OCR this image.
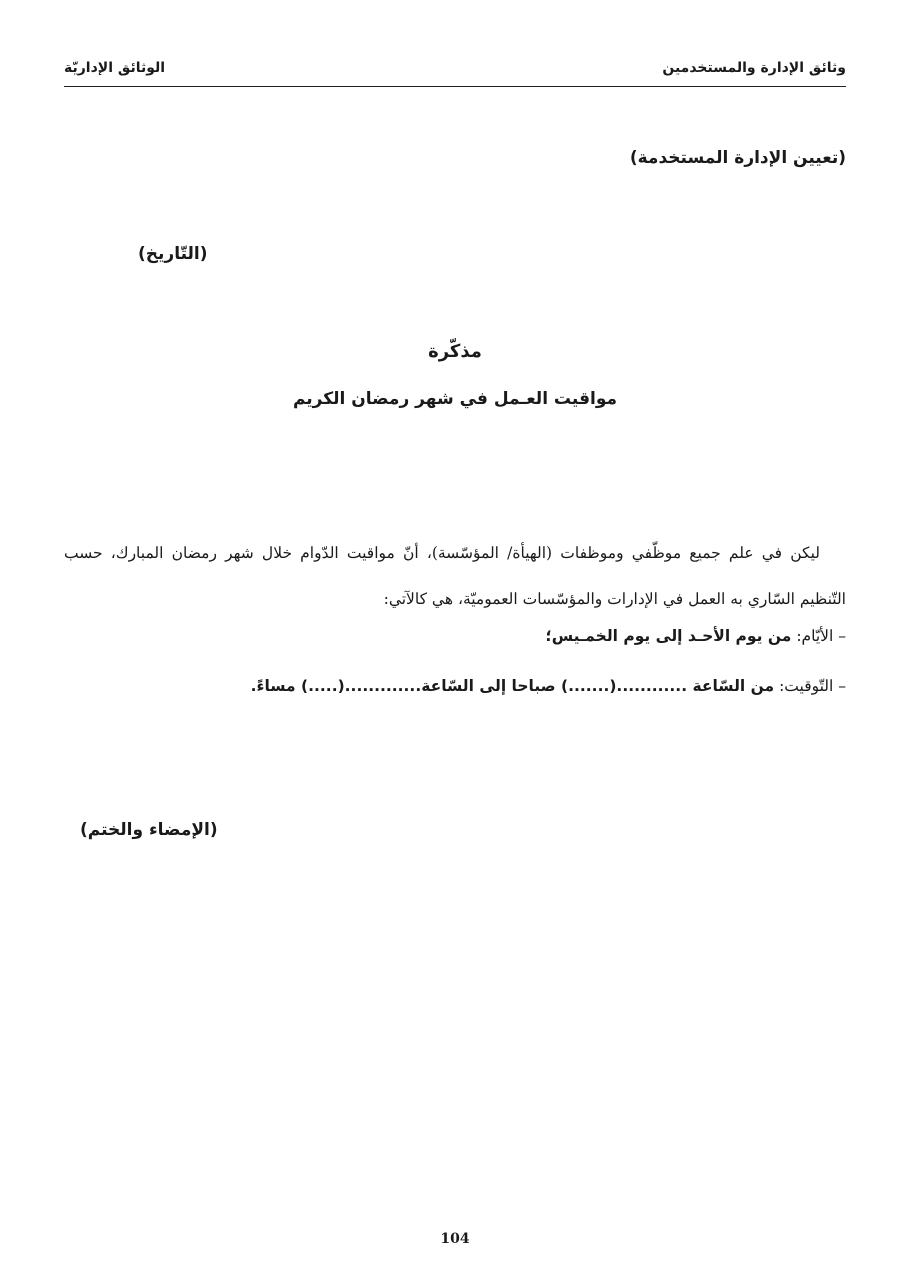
وثائق الإدارة والمستخدمين
الوثائق الإداريّة
(تعيين الإدارة المستخدمة)
(التّاريخ)
مذكّرة
مواقيت العـمل في شهر رمضان الكريم
ليكن في علم جميع موظّفي وموظفات (الهيأة/ المؤسّسة)، أنّ مواقيت الدّوام خلال شهر رمضان المبارك، حسب التّنظيم السّاري به العمل في الإدارات والمؤسّسات العموميّة، هي كالآتي:
– الأيّام: من يوم الأحـد إلى يوم الخمـيس؛
– التّوقيت: من السّاعة ............(.......) صباحا إلى السّاعة.............(.....) مساءً.
(الإمضاء والختم)
104
